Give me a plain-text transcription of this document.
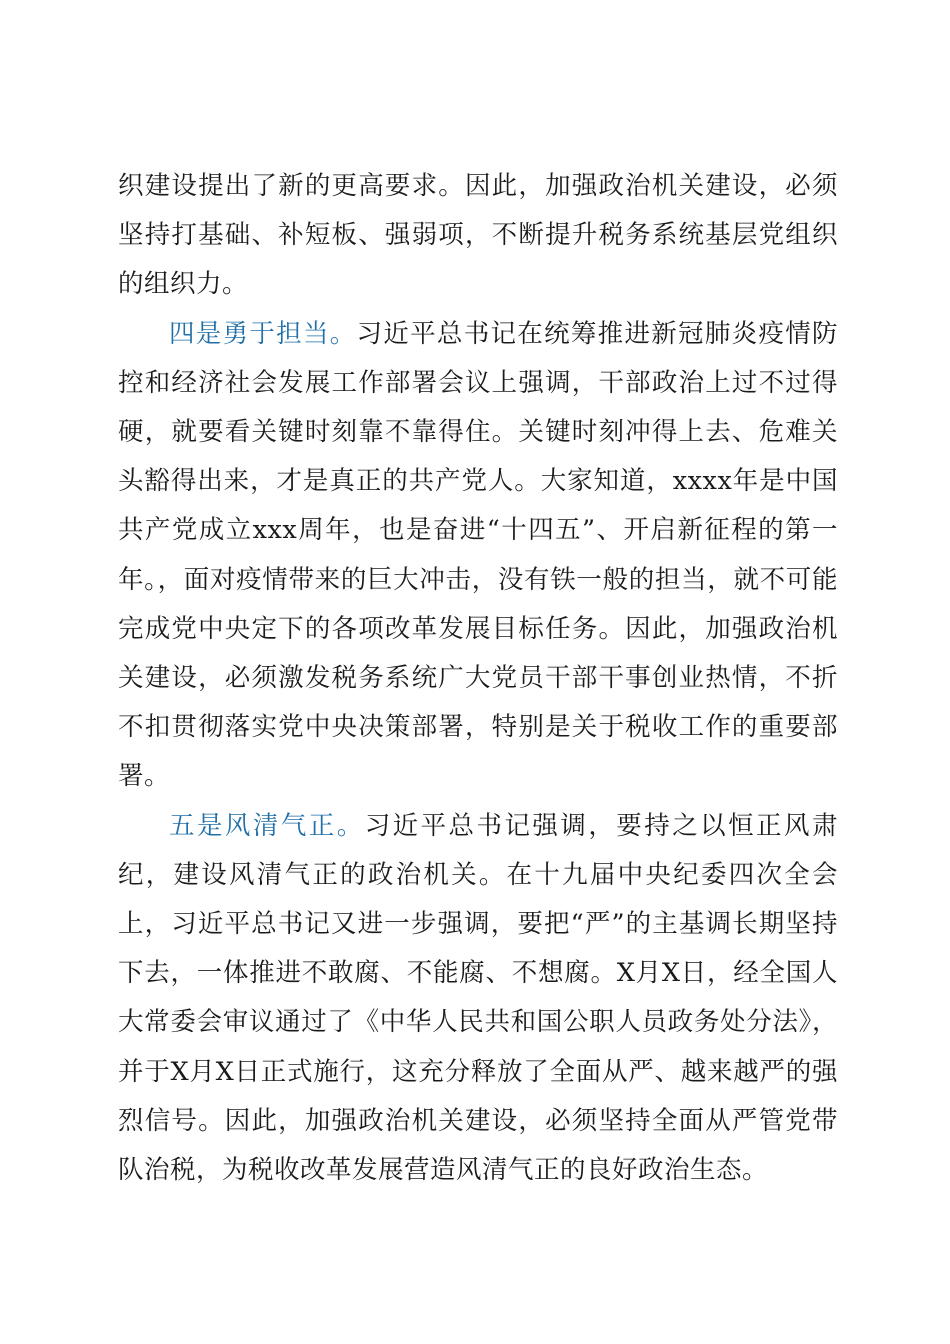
织建设提出了新的更高要求。因此，加强政治机关建设，必须坚持打基础、补短板、强弱项，不断提升税务系统基层党组织的组织力。

四是勇于担当。习近平总书记在统筹推进新冠肺炎疫情防控和经济社会发展工作部署会议上强调，干部政治上过不过得硬，就要看关键时刻靠不靠得住。关键时刻冲得上去、危难关头豁得出来，才是真正的共产党人。大家知道，xxxx年是中国共产党成立xxx周年，也是奋进“十四五”、开启新征程的第一年。，面对疫情带来的巨大冲击，没有铁一般的担当，就不可能完成党中央定下的各项改革发展目标任务。因此，加强政治机关建设，必须激发税务系统广大党员干部干事创业热情，不折不扣贯彻落实党中央决策部署，特别是关于税收工作的重要部署。

五是风清气正。习近平总书记强调，要持之以恒正风肃纪，建设风清气正的政治机关。在十九届中央纪委四次全会上，习近平总书记又进一步强调，要把“严”的主基调长期坚持下去，一体推进不敢腐、不能腐、不想腐。X月X日，经全国人大常委会审议通过了《中华人民共和国公职人员政务处分法》，并于X月X日正式施行，这充分释放了全面从严、越来越严的强烈信号。因此，加强政治机关建设，必须坚持全面从严管党带队治税，为税收改革发展营造风清气正的良好政治生态。
